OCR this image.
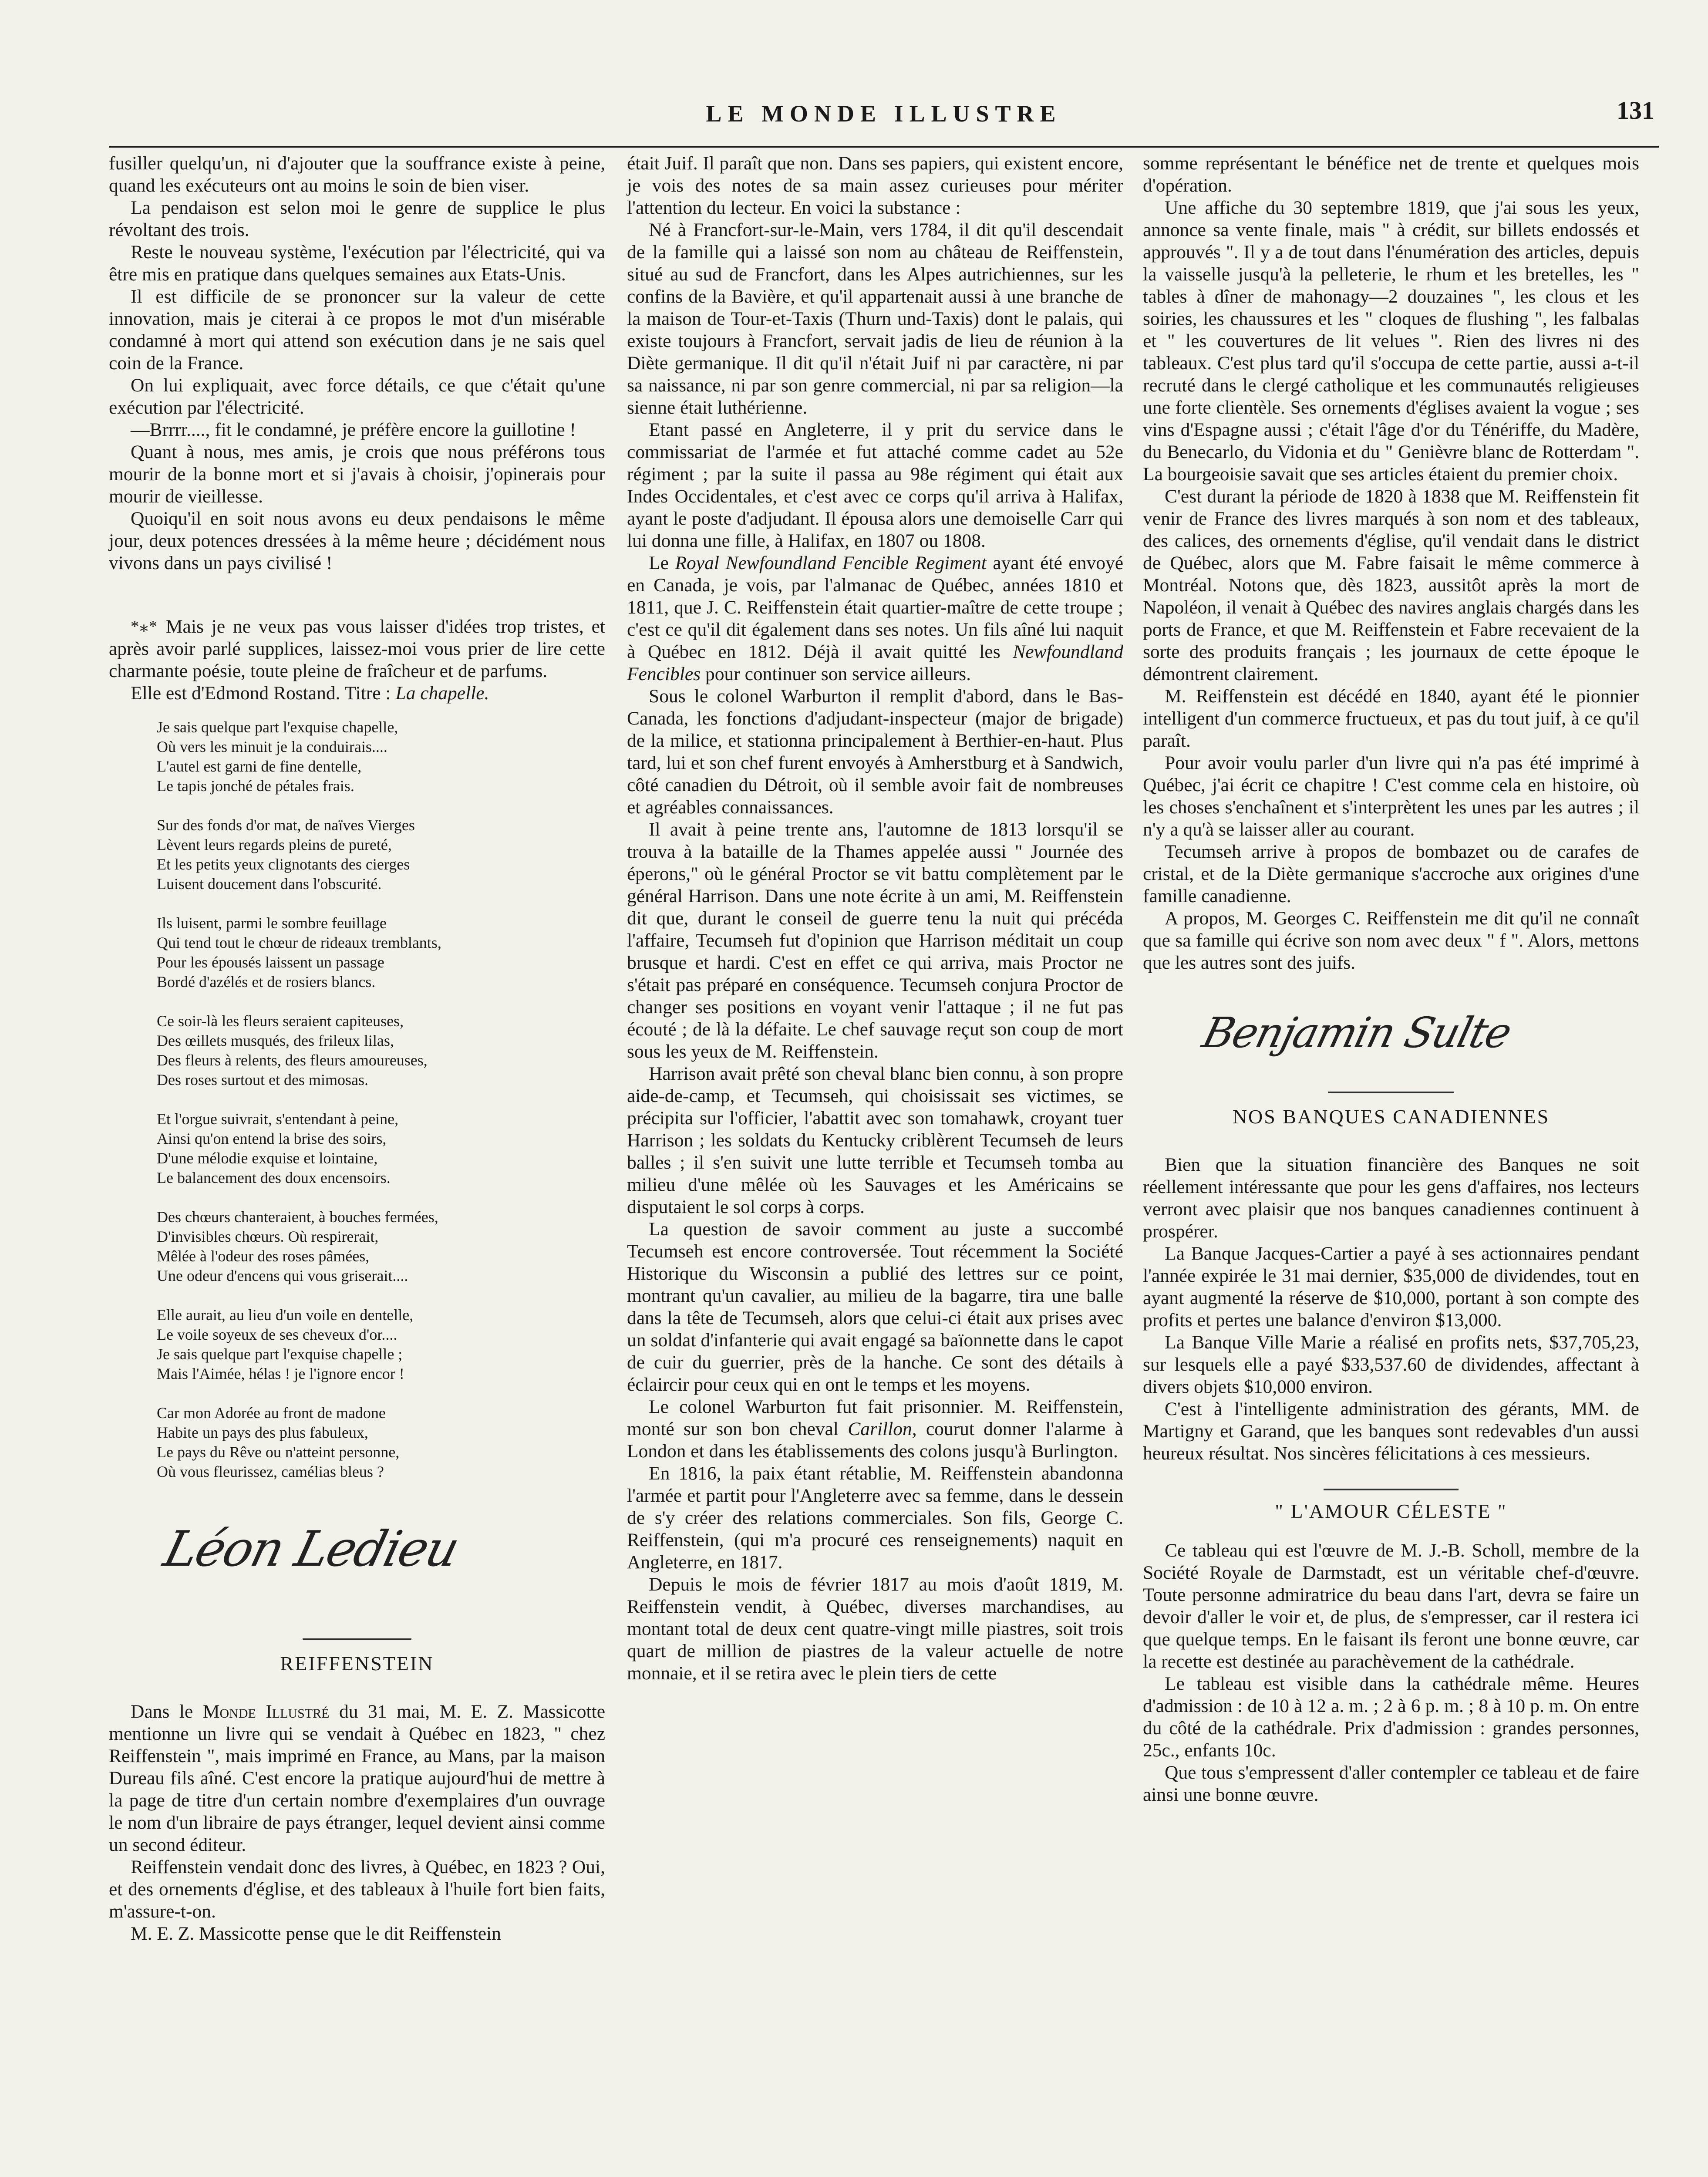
LE MONDE ILLUSTRE	131

fusiller quelqu'un, ni d'ajouter que la souffrance existe à peine, quand les exécuteurs ont au moins le soin de bien viser.

La pendaison est selon moi le genre de supplice le plus révoltant des trois.

Reste le nouveau système, l'exécution par l'électricité, qui va être mis en pratique dans quelques semaines aux Etats-Unis.

Il est difficile de se prononcer sur la valeur de cette innovation, mais je citerai à ce propos le mot d'un misérable condamné à mort qui attend son exécution dans je ne sais quel coin de la France.

On lui expliquait, avec force détails, ce que c'était qu'une exécution par l'électricité.

—Brrrr...., fit le condamné, je préfère encore la guillotine !

Quant à nous, mes amis, je crois que nous préférons tous mourir de la bonne mort et si j'avais à choisir, j'opinerais pour mourir de vieillesse.

Quoiqu'il en soit nous avons eu deux pendaisons le même jour, deux potences dressées à la même heure ; décidément nous vivons dans un pays civilisé !

*⁎* Mais je ne veux pas vous laisser d'idées trop tristes, et après avoir parlé supplices, laissez-moi vous prier de lire cette charmante poésie, toute pleine de fraîcheur et de parfums.

Elle est d'Edmond Rostand. Titre : La chapelle.

Je sais quelque part l'exquise chapelle,
Où vers les minuit je la conduirais....
L'autel est garni de fine dentelle,
Le tapis jonché de pétales frais.
Sur des fonds d'or mat, de naïves Vierges
Lèvent leurs regards pleins de pureté,
Et les petits yeux clignotants des cierges
Luisent doucement dans l'obscurité.
Ils luisent, parmi le sombre feuillage
Qui tend tout le chœur de rideaux tremblants,
Pour les épousés laissent un passage
Bordé d'azélés et de rosiers blancs.
Ce soir-là les fleurs seraient capiteuses,
Des œillets musqués, des frileux lilas,
Des fleurs à relents, des fleurs amoureuses,
Des roses surtout et des mimosas.
Et l'orgue suivrait, s'entendant à peine,
Ainsi qu'on entend la brise des soirs,
D'une mélodie exquise et lointaine,
Le balancement des doux encensoirs.
Des chœurs chanteraient, à bouches fermées,
D'invisibles chœurs. Où respirerait,
Mêlée à l'odeur des roses pâmées,
Une odeur d'encens qui vous griserait....
Elle aurait, au lieu d'un voile en dentelle,
Le voile soyeux de ses cheveux d'or....
Je sais quelque part l'exquise chapelle ;
Mais l'Aimée, hélas ! je l'ignore encor !
Car mon Adorée au front de madone
Habite un pays des plus fabuleux,
Le pays du Rêve ou n'atteint personne,
Où vous fleurissez, camélias bleus ?
Léon Ledieu
REIFFENSTEIN

Dans le Monde Illustré du 31 mai, M. E. Z. Massicotte mentionne un livre qui se vendait à Québec en 1823, " chez Reiffenstein ", mais imprimé en France, au Mans, par la maison Dureau fils aîné. C'est encore la pratique aujourd'hui de mettre à la page de titre d'un certain nombre d'exemplaires d'un ouvrage le nom d'un libraire de pays étranger, lequel devient ainsi comme un second éditeur.

Reiffenstein vendait donc des livres, à Québec, en 1823 ? Oui, et des ornements d'église, et des tableaux à l'huile fort bien faits, m'assure-t-on.

M. E. Z. Massicotte pense que le dit Reiffenstein

était Juif. Il paraît que non. Dans ses papiers, qui existent encore, je vois des notes de sa main assez curieuses pour mériter l'attention du lecteur. En voici la substance :

Né à Francfort-sur-le-Main, vers 1784, il dit qu'il descendait de la famille qui a laissé son nom au château de Reiffenstein, situé au sud de Francfort, dans les Alpes autrichiennes, sur les confins de la Bavière, et qu'il appartenait aussi à une branche de la maison de Tour-et-Taxis (Thurn und-Taxis) dont le palais, qui existe toujours à Francfort, servait jadis de lieu de réunion à la Diète germanique. Il dit qu'il n'était Juif ni par caractère, ni par sa naissance, ni par son genre commercial, ni par sa religion—la sienne était luthérienne.

Etant passé en Angleterre, il y prit du service dans le commissariat de l'armée et fut attaché comme cadet au 52e régiment ; par la suite il passa au 98e régiment qui était aux Indes Occidentales, et c'est avec ce corps qu'il arriva à Halifax, ayant le poste d'adjudant. Il épousa alors une demoiselle Carr qui lui donna une fille, à Halifax, en 1807 ou 1808.

Le Royal Newfoundland Fencible Regiment ayant été envoyé en Canada, je vois, par l'almanac de Québec, années 1810 et 1811, que J. C. Reiffenstein était quartier-maître de cette troupe ; c'est ce qu'il dit également dans ses notes. Un fils aîné lui naquit à Québec en 1812. Déjà il avait quitté les Newfoundland Fencibles pour continuer son service ailleurs.

Sous le colonel Warburton il remplit d'abord, dans le Bas-Canada, les fonctions d'adjudant-inspecteur (major de brigade) de la milice, et stationna principalement à Berthier-en-haut. Plus tard, lui et son chef furent envoyés à Amherstburg et à Sandwich, côté canadien du Détroit, où il semble avoir fait de nombreuses et agréables connaissances.

Il avait à peine trente ans, l'automne de 1813 lorsqu'il se trouva à la bataille de la Thames appelée aussi " Journée des éperons," où le général Proctor se vit battu complètement par le général Harrison. Dans une note écrite à un ami, M. Reiffenstein dit que, durant le conseil de guerre tenu la nuit qui précéda l'affaire, Tecumseh fut d'opinion que Harrison méditait un coup brusque et hardi. C'est en effet ce qui arriva, mais Proctor ne s'était pas préparé en conséquence. Tecumseh conjura Proctor de changer ses positions en voyant venir l'attaque ; il ne fut pas écouté ; de là la défaite. Le chef sauvage reçut son coup de mort sous les yeux de M. Reiffenstein.

Harrison avait prêté son cheval blanc bien connu, à son propre aide-de-camp, et Tecumseh, qui choisissait ses victimes, se précipita sur l'officier, l'abattit avec son tomahawk, croyant tuer Harrison ; les soldats du Kentucky criblèrent Tecumseh de leurs balles ; il s'en suivit une lutte terrible et Tecumseh tomba au milieu d'une mêlée où les Sauvages et les Américains se disputaient le sol corps à corps.

La question de savoir comment au juste a succombé Tecumseh est encore controversée. Tout récemment la Société Historique du Wisconsin a publié des lettres sur ce point, montrant qu'un cavalier, au milieu de la bagarre, tira une balle dans la tête de Tecumseh, alors que celui-ci était aux prises avec un soldat d'infanterie qui avait engagé sa baïonnette dans le capot de cuir du guerrier, près de la hanche. Ce sont des détails à éclaircir pour ceux qui en ont le temps et les moyens.

Le colonel Warburton fut fait prisonnier. M. Reiffenstein, monté sur son bon cheval Carillon, courut donner l'alarme à London et dans les établissements des colons jusqu'à Burlington.

En 1816, la paix étant rétablie, M. Reiffenstein abandonna l'armée et partit pour l'Angleterre avec sa femme, dans le dessein de s'y créer des relations commerciales. Son fils, George C. Reiffenstein, (qui m'a procuré ces renseignements) naquit en Angleterre, en 1817.

Depuis le mois de février 1817 au mois d'août 1819, M. Reiffenstein vendit, à Québec, diverses marchandises, au montant total de deux cent quatre-vingt mille piastres, soit trois quart de million de piastres de la valeur actuelle de notre monnaie, et il se retira avec le plein tiers de cette

somme représentant le bénéfice net de trente et quelques mois d'opération.

Une affiche du 30 septembre 1819, que j'ai sous les yeux, annonce sa vente finale, mais " à crédit, sur billets endossés et approuvés ". Il y a de tout dans l'énumération des articles, depuis la vaisselle jusqu'à la pelleterie, le rhum et les bretelles, les " tables à dîner de mahonagy—2 douzaines ", les clous et les soiries, les chaussures et les " cloques de flushing ", les falbalas et " les couvertures de lit velues ". Rien des livres ni des tableaux. C'est plus tard qu'il s'occupa de cette partie, aussi a-t-il recruté dans le clergé catholique et les communautés religieuses une forte clientèle. Ses ornements d'églises avaient la vogue ; ses vins d'Espagne aussi ; c'était l'âge d'or du Ténériffe, du Madère, du Benecarlo, du Vidonia et du " Genièvre blanc de Rotterdam ". La bourgeoisie savait que ses articles étaient du premier choix.

C'est durant la période de 1820 à 1838 que M. Reiffenstein fit venir de France des livres marqués à son nom et des tableaux, des calices, des ornements d'église, qu'il vendait dans le district de Québec, alors que M. Fabre faisait le même commerce à Montréal. Notons que, dès 1823, aussitôt après la mort de Napoléon, il venait à Québec des navires anglais chargés dans les ports de France, et que M. Reiffenstein et Fabre recevaient de la sorte des produits français ; les journaux de cette époque le démontrent clairement.

M. Reiffenstein est décédé en 1840, ayant été le pionnier intelligent d'un commerce fructueux, et pas du tout juif, à ce qu'il paraît.

Pour avoir voulu parler d'un livre qui n'a pas été imprimé à Québec, j'ai écrit ce chapitre ! C'est comme cela en histoire, où les choses s'enchaînent et s'interprètent les unes par les autres ; il n'y a qu'à se laisser aller au courant.

Tecumseh arrive à propos de bombazet ou de carafes de cristal, et de la Diète germanique s'accroche aux origines d'une famille canadienne.

A propos, M. Georges C. Reiffenstein me dit qu'il ne connaît que sa famille qui écrive son nom avec deux " f ". Alors, mettons que les autres sont des juifs.

Benjamin Sulte
NOS BANQUES CANADIENNES

Bien que la situation financière des Banques ne soit réellement intéressante que pour les gens d'affaires, nos lecteurs verront avec plaisir que nos banques canadiennes continuent à prospérer.

La Banque Jacques-Cartier a payé à ses actionnaires pendant l'année expirée le 31 mai dernier, $35,000 de dividendes, tout en ayant augmenté la réserve de $10,000, portant à son compte des profits et pertes une balance d'environ $13,000.

La Banque Ville Marie a réalisé en profits nets, $37,705,23, sur lesquels elle a payé $33,537.60 de dividendes, affectant à divers objets $10,000 environ.

C'est à l'intelligente administration des gérants, MM. de Martigny et Garand, que les banques sont redevables d'un aussi heureux résultat. Nos sincères félicitations à ces messieurs.

" L'AMOUR CÉLESTE "

Ce tableau qui est l'œuvre de M. J.-B. Scholl, membre de la Société Royale de Darmstadt, est un véritable chef-d'œuvre. Toute personne admiratrice du beau dans l'art, devra se faire un devoir d'aller le voir et, de plus, de s'empresser, car il restera ici que quelque temps. En le faisant ils feront une bonne œuvre, car la recette est destinée au parachèvement de la cathédrale.

Le tableau est visible dans la cathédrale même. Heures d'admission : de 10 à 12 a. m. ; 2 à 6 p. m. ; 8 à 10 p. m. On entre du côté de la cathédrale. Prix d'admission : grandes personnes, 25c., enfants 10c.

Que tous s'empressent d'aller contempler ce tableau et de faire ainsi une bonne œuvre.
